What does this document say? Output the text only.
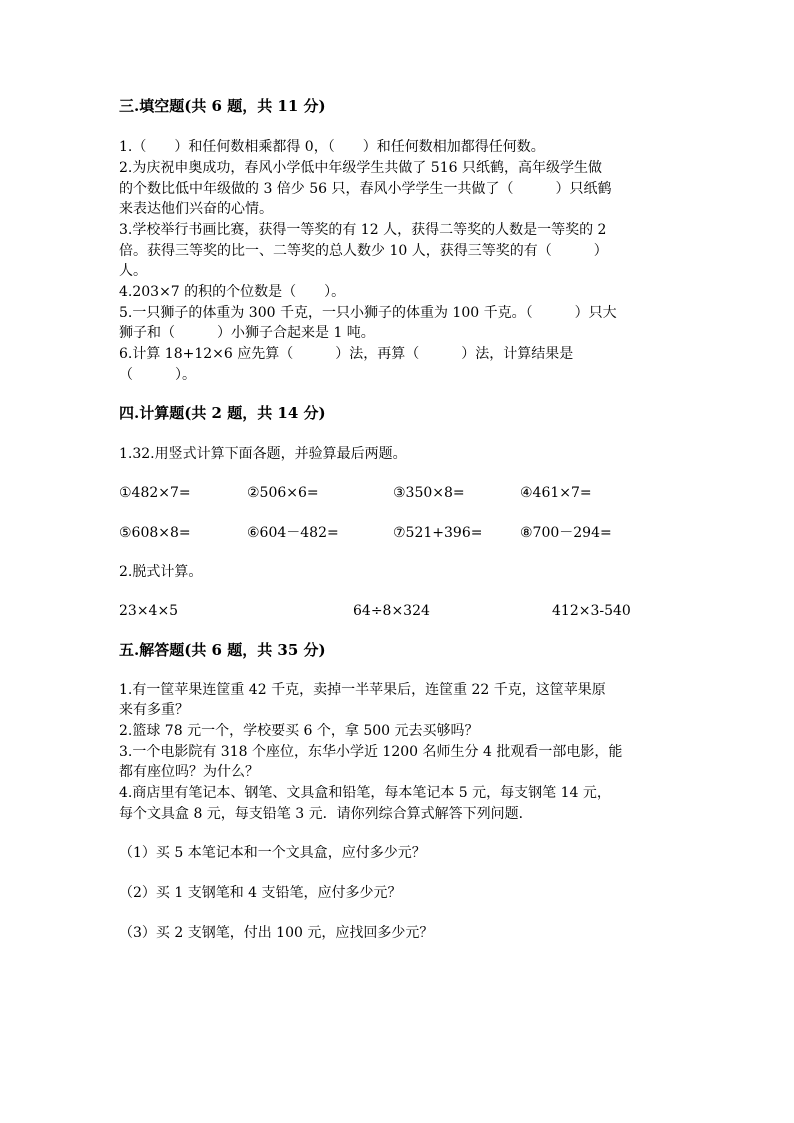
三.填空题(共 6 题，共 11 分)
1.（　　）和任何数相乘都得 0，（　　）和任何数相加都得任何数。
2.为庆祝申奥成功，春风小学低中年级学生共做了 516 只纸鹤，高年级学生做
的个数比低中年级做的 3 倍少 56 只，春风小学学生一共做了（　　　）只纸鹤
来表达他们兴奋的心情。
3.学校举行书画比赛，获得一等奖的有 12 人，获得二等奖的人数是一等奖的 2
倍。获得三等奖的比一、二等奖的总人数少 10 人，获得三等奖的有（　　　）
人。
4.203×7 的积的个位数是（　　）。
5.一只狮子的体重为 300 千克，一只小狮子的体重为 100 千克。（　　　）只大
狮子和（　　　）小狮子合起来是 1 吨。
6.计算 18+12×6 应先算（　　　）法，再算（　　　）法，计算结果是
（　　　）。
四.计算题(共 2 题，共 14 分)
1.32.用竖式计算下面各题，并验算最后两题。
①482×7=	②506×6=	③350×8=	④461×7=
⑤608×8=	⑥604－482=	⑦521+396=	⑧700－294=
2.脱式计算。
23×4×5	64÷8×324	412×3-540
五.解答题(共 6 题，共 35 分)
1.有一筐苹果连筐重 42 千克，卖掉一半苹果后，连筐重 22 千克，这筐苹果原
来有多重？
2.篮球 78 元一个，学校要买 6 个，拿 500 元去买够吗？
3.一个电影院有 318 个座位，东华小学近 1200 名师生分 4 批观看一部电影，能
都有座位吗？为什么？
4.商店里有笔记本、钢笔、文具盒和铅笔，每本笔记本 5 元，每支钢笔 14 元，
每个文具盒 8 元，每支铅笔 3 元．请你列综合算式解答下列问题．
（1）买 5 本笔记本和一个文具盒，应付多少元？
（2）买 1 支钢笔和 4 支铅笔，应付多少元？
（3）买 2 支钢笔，付出 100 元，应找回多少元？
